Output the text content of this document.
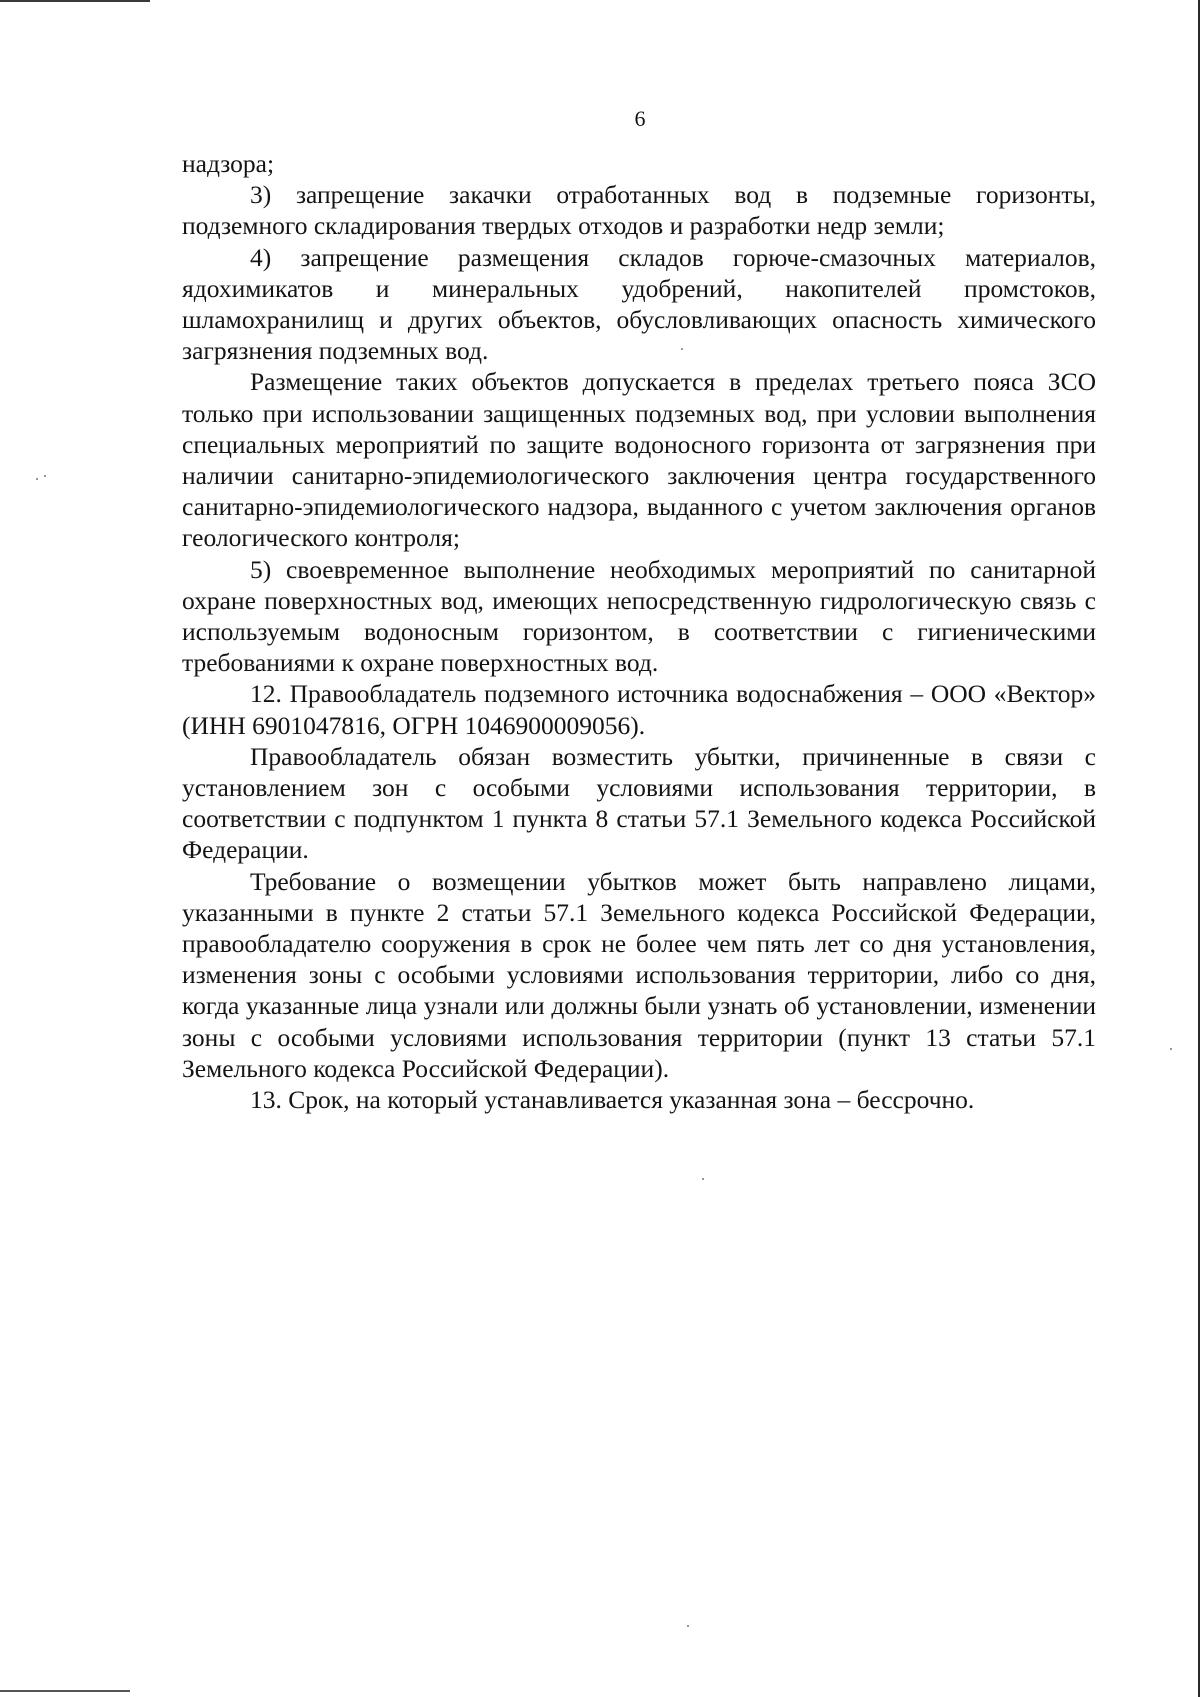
6

надзора;

3) запрещение закачки отработанных вод в подземные горизонты, подземного складирования твердых отходов и разработки недр земли;

4) запрещение размещения складов горюче-смазочных материалов, ядохимикатов и минеральных удобрений, накопителей промстоков, шламохранилищ и других объектов, обусловливающих опасность химического загрязнения подземных вод.

Размещение таких объектов допускается в пределах третьего пояса ЗСО только при использовании защищенных подземных вод, при условии выполнения специальных мероприятий по защите водоносного горизонта от загрязнения при наличии санитарно-эпидемиологического заключения центра государственного санитарно-эпидемиологического надзора, выданного с учетом заключения органов геологического контроля;

5) своевременное выполнение необходимых мероприятий по санитарной охране поверхностных вод, имеющих непосредственную гидрологическую связь с используемым водоносным горизонтом, в соответствии с гигиеническими требованиями к охране поверхностных вод.

12. Правообладатель подземного источника водоснабжения – ООО «Вектор» (ИНН 6901047816, ОГРН 1046900009056).

Правообладатель обязан возместить убытки, причиненные в связи с установлением зон с особыми условиями использования территории, в соответствии с подпунктом 1 пункта 8 статьи 57.1 Земельного кодекса Российской Федерации.

Требование о возмещении убытков может быть направлено лицами, указанными в пункте 2 статьи 57.1 Земельного кодекса Российской Федерации, правообладателю сооружения в срок не более чем пять лет со дня установления, изменения зоны с особыми условиями использования территории, либо со дня, когда указанные лица узнали или должны были узнать об установлении, изменении зоны с особыми условиями использования территории (пункт 13 статьи 57.1 Земельного кодекса Российской Федерации).

13. Срок, на который устанавливается указанная зона – бессрочно.
